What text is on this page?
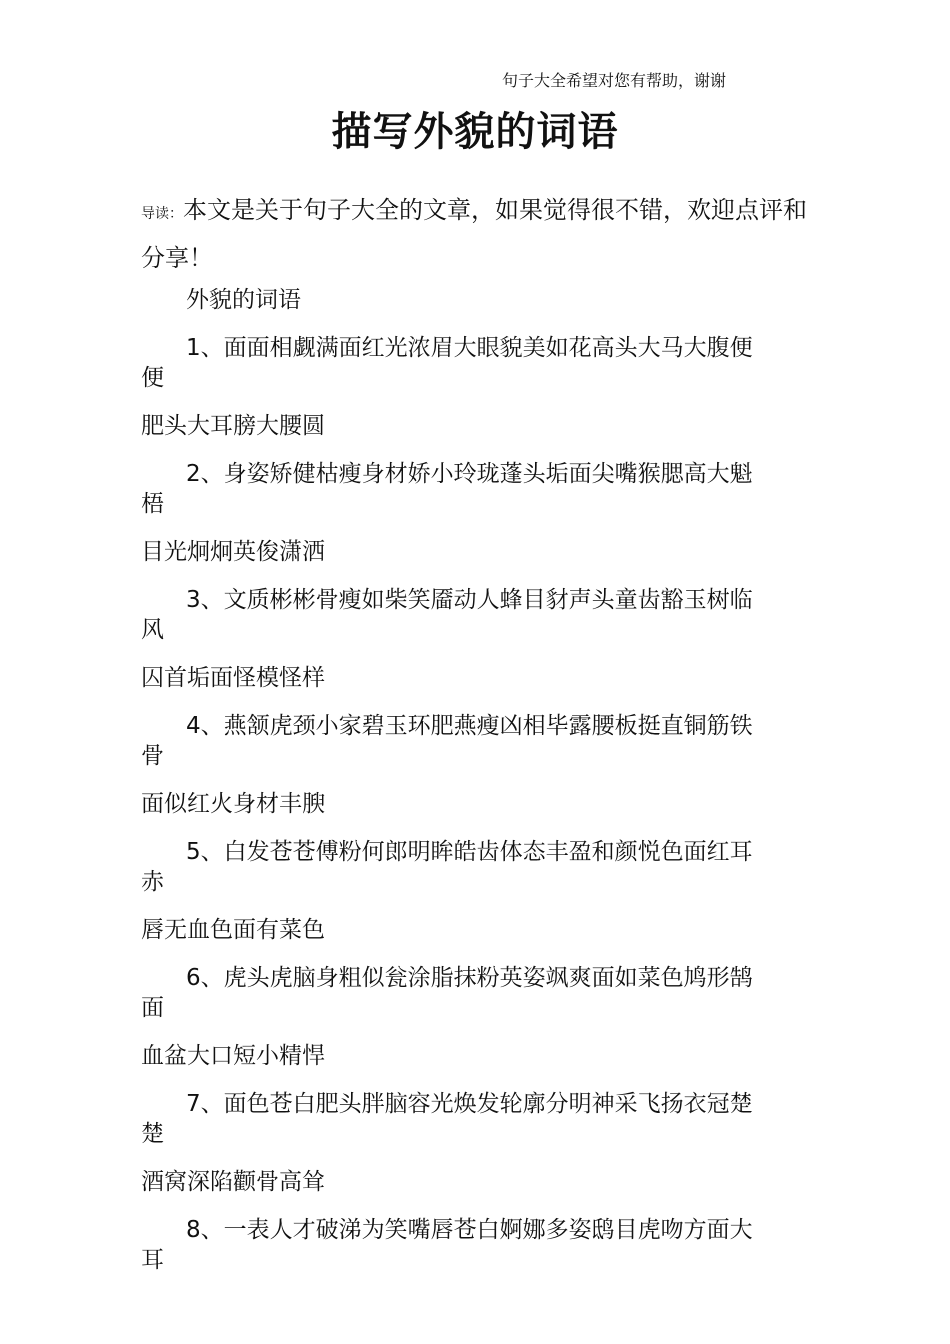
句子大全希望对您有帮助，谢谢
描写外貌的词语
导读：本文是关于句子大全的文章，如果觉得很不错，欢迎点评和分享！
外貌的词语
1、面面相觑满面红光浓眉大眼貌美如花高头大马大腹便
便
肥头大耳膀大腰圆
2、身姿矫健枯瘦身材娇小玲珑蓬头垢面尖嘴猴腮高大魁
梧
目光炯炯英俊潇洒
3、文质彬彬骨瘦如柴笑靥动人蜂目豺声头童齿豁玉树临
风
囚首垢面怪模怪样
4、燕颔虎颈小家碧玉环肥燕瘦凶相毕露腰板挺直铜筋铁
骨
面似红火身材丰腴
5、白发苍苍傅粉何郎明眸皓齿体态丰盈和颜悦色面红耳
赤
唇无血色面有菜色
6、虎头虎脑身粗似瓮涂脂抹粉英姿飒爽面如菜色鸠形鹄
面
血盆大口短小精悍
7、面色苍白肥头胖脑容光焕发轮廓分明神采飞扬衣冠楚
楚
酒窝深陷颧骨高耸
8、一表人才破涕为笑嘴唇苍白婀娜多姿鸱目虎吻方面大
耳
